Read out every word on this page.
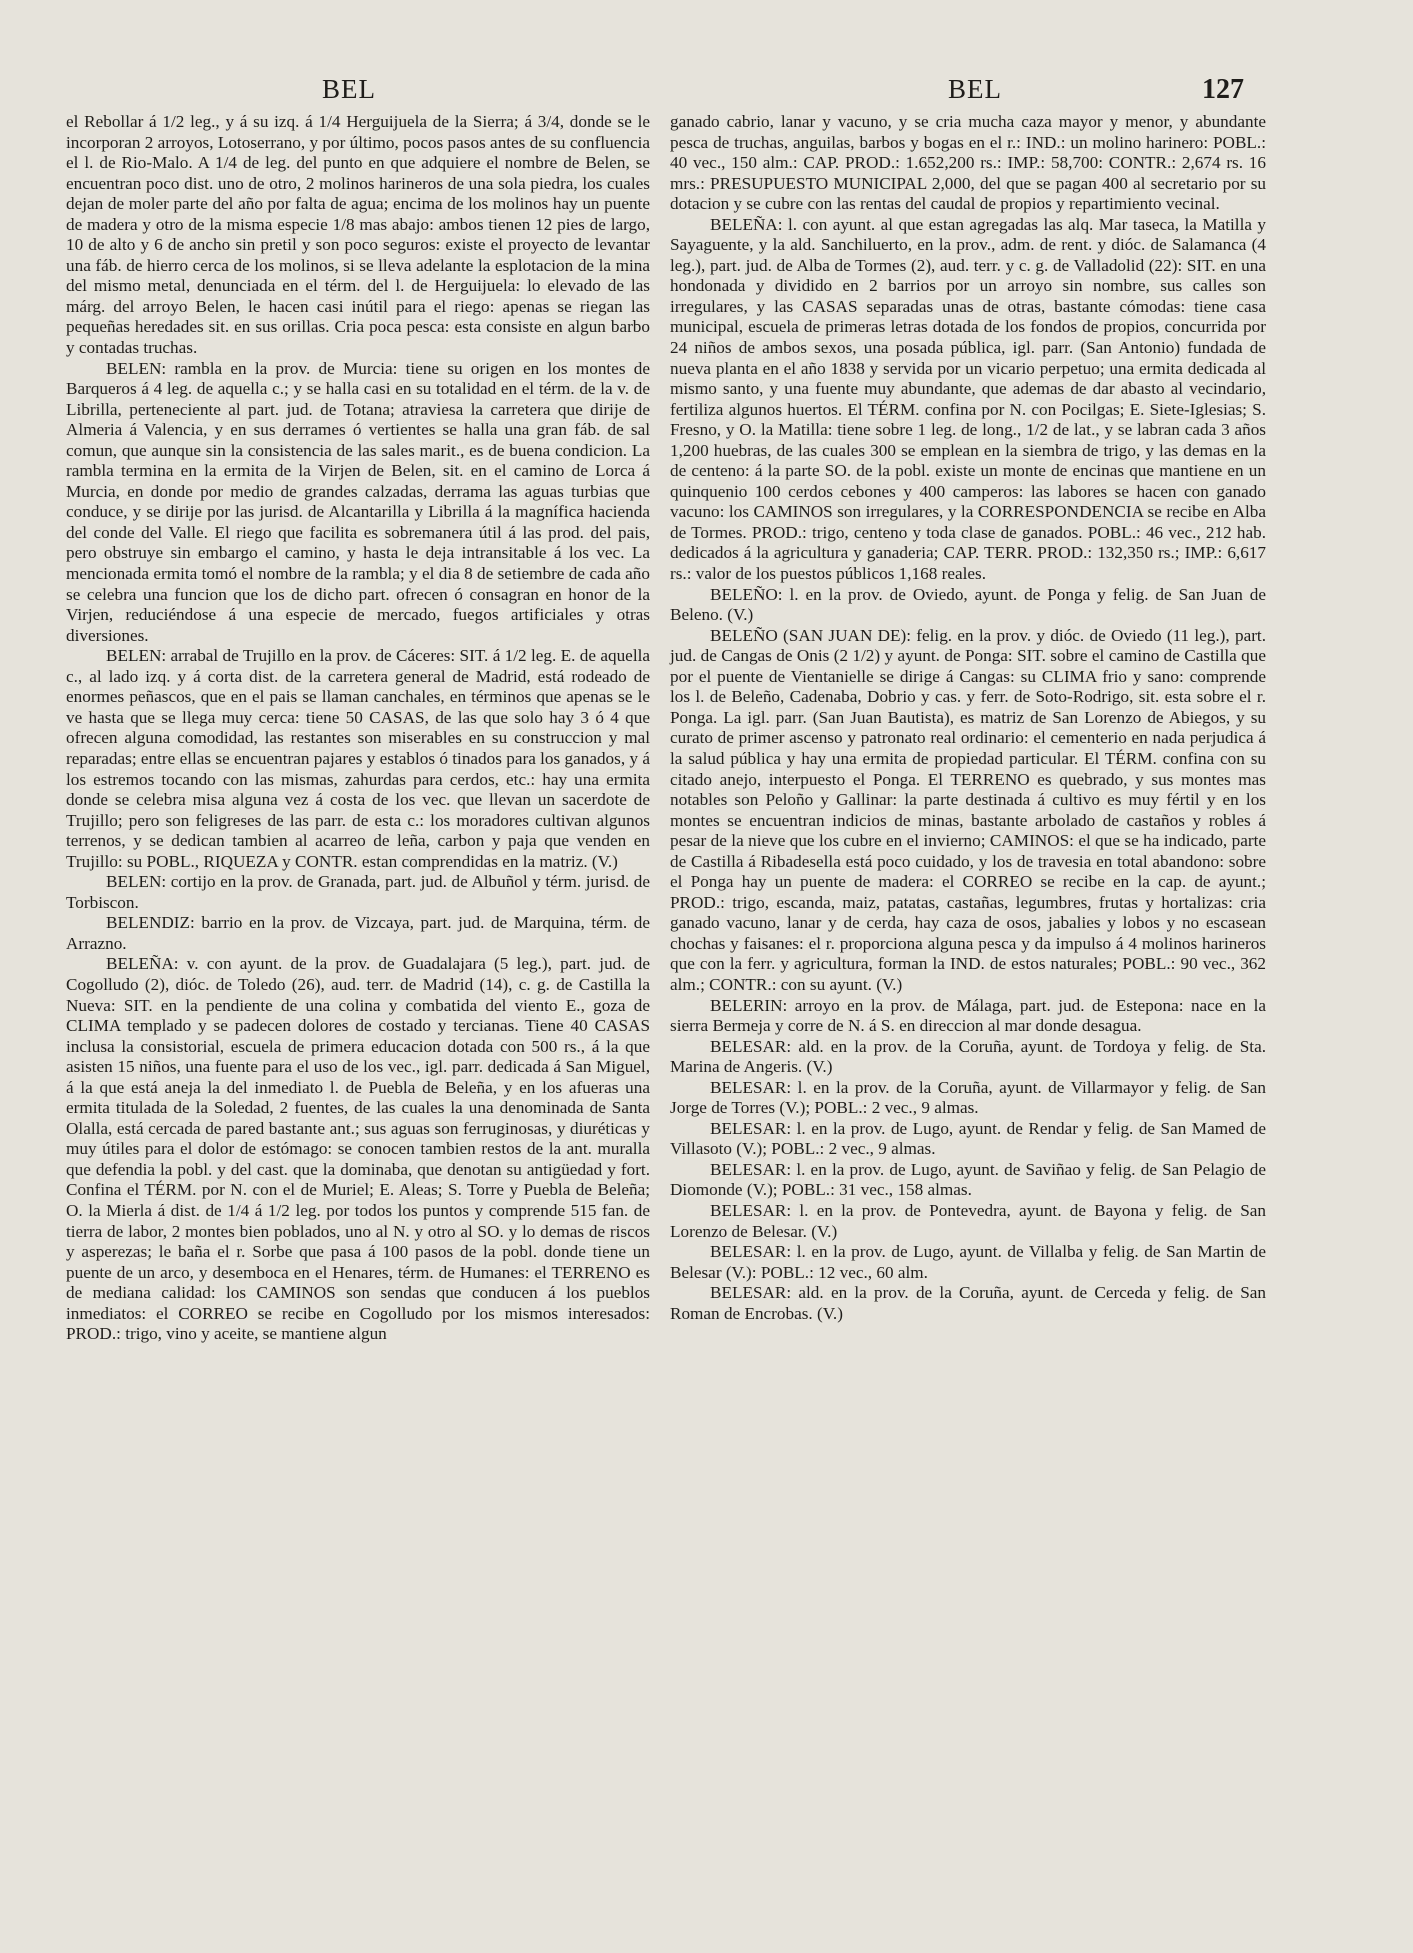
BEL	BEL	127

el Rebollar á 1/2 leg., y á su izq. á 1/4 Herguijuela de la Sierra; á 3/4, donde se le incorporan 2 arroyos, Lotoserrano, y por último, pocos pasos antes de su confluencia el l. de Rio-Malo. A 1/4 de leg. del punto en que adquiere el nombre de Belen, se encuentran poco dist. uno de otro, 2 molinos harineros de una sola piedra, los cuales dejan de moler parte del año por falta de agua; encima de los molinos hay un puente de madera y otro de la misma especie 1/8 mas abajo: ambos tienen 12 pies de largo, 10 de alto y 6 de ancho sin pretil y son poco seguros: existe el proyecto de levantar una fáb. de hierro cerca de los molinos, si se lleva adelante la esplotacion de la mina del mismo metal, denunciada en el térm. del l. de Herguijuela: lo elevado de las márg. del arroyo Belen, le hacen casi inútil para el riego: apenas se riegan las pequeñas heredades sit. en sus orillas. Cria poca pesca: esta consiste en algun barbo y contadas truchas.

BELEN: rambla en la prov. de Murcia: tiene su origen en los montes de Barqueros á 4 leg. de aquella c.; y se halla casi en su totalidad en el térm. de la v. de Librilla, perteneciente al part. jud. de Totana; atraviesa la carretera que dirije de Almeria á Valencia, y en sus derrames ó vertientes se halla una gran fáb. de sal comun, que aunque sin la consistencia de las sales marit., es de buena condicion. La rambla termina en la ermita de la Virjen de Belen, sit. en el camino de Lorca á Murcia, en donde por medio de grandes calzadas, derrama las aguas turbias que conduce, y se dirije por las jurisd. de Alcantarilla y Librilla á la magnífica hacienda del conde del Valle. El riego que facilita es sobremanera útil á las prod. del pais, pero obstruye sin embargo el camino, y hasta le deja intransitable á los vec. La mencionada ermita tomó el nombre de la rambla; y el dia 8 de setiembre de cada año se celebra una funcion que los de dicho part. ofrecen ó consagran en honor de la Virjen, reduciéndose á una especie de mercado, fuegos artificiales y otras diversiones.

BELEN: arrabal de Trujillo en la prov. de Cáceres: SIT. á 1/2 leg. E. de aquella c., al lado izq. y á corta dist. de la carretera general de Madrid, está rodeado de enormes peñascos, que en el pais se llaman canchales, en términos que apenas se le ve hasta que se llega muy cerca: tiene 50 CASAS, de las que solo hay 3 ó 4 que ofrecen alguna comodidad, las restantes son miserables en su construccion y mal reparadas; entre ellas se encuentran pajares y establos ó tinados para los ganados, y á los estremos tocando con las mismas, zahurdas para cerdos, etc.: hay una ermita donde se celebra misa alguna vez á costa de los vec. que llevan un sacerdote de Trujillo; pero son feligreses de las parr. de esta c.: los moradores cultivan algunos terrenos, y se dedican tambien al acarreo de leña, carbon y paja que venden en Trujillo: su POBL., RIQUEZA y CONTR. estan comprendidas en la matriz. (V.)

BELEN: cortijo en la prov. de Granada, part. jud. de Albuñol y térm. jurisd. de Torbiscon.

BELENDIZ: barrio en la prov. de Vizcaya, part. jud. de Marquina, térm. de Arrazno.

BELEÑA: v. con ayunt. de la prov. de Guadalajara (5 leg.), part. jud. de Cogolludo (2), dióc. de Toledo (26), aud. terr. de Madrid (14), c. g. de Castilla la Nueva: SIT. en la pendiente de una colina y combatida del viento E., goza de CLIMA templado y se padecen dolores de costado y tercianas. Tiene 40 CASAS inclusa la consistorial, escuela de primera educacion dotada con 500 rs., á la que asisten 15 niños, una fuente para el uso de los vec., igl. parr. dedicada á San Miguel, á la que está aneja la del inmediato l. de Puebla de Beleña, y en los afueras una ermita titulada de la Soledad, 2 fuentes, de las cuales la una denominada de Santa Olalla, está cercada de pared bastante ant.; sus aguas son ferruginosas, y diuréticas y muy útiles para el dolor de estómago: se conocen tambien restos de la ant. muralla que defendia la pobl. y del cast. que la dominaba, que denotan su antigüedad y fort. Confina el TÉRM. por N. con el de Muriel; E. Aleas; S. Torre y Puebla de Beleña; O. la Mierla á dist. de 1/4 á 1/2 leg. por todos los puntos y comprende 515 fan. de tierra de labor, 2 montes bien poblados, uno al N. y otro al SO. y lo demas de riscos y asperezas; le baña el r. Sorbe que pasa á 100 pasos de la pobl. donde tiene un puente de un arco, y desemboca en el Henares, térm. de Humanes: el TERRENO es de mediana calidad: los CAMINOS son sendas que conducen á los pueblos inmediatos: el CORREO se recibe en Cogolludo por los mismos interesados: PROD.: trigo, vino y aceite, se mantiene algun

ganado cabrio, lanar y vacuno, y se cria mucha caza mayor y menor, y abundante pesca de truchas, anguilas, barbos y bogas en el r.: IND.: un molino harinero: POBL.: 40 vec., 150 alm.: CAP. PROD.: 1.652,200 rs.: IMP.: 58,700: CONTR.: 2,674 rs. 16 mrs.: PRESUPUESTO MUNICIPAL 2,000, del que se pagan 400 al secretario por su dotacion y se cubre con las rentas del caudal de propios y repartimiento vecinal.

BELEÑA: l. con ayunt. al que estan agregadas las alq. Mar taseca, la Matilla y Sayaguente, y la ald. Sanchiluerto, en la prov., adm. de rent. y dióc. de Salamanca (4 leg.), part. jud. de Alba de Tormes (2), aud. terr. y c. g. de Valladolid (22): SIT. en una hondonada y dividido en 2 barrios por un arroyo sin nombre, sus calles son irregulares, y las CASAS separadas unas de otras, bastante cómodas: tiene casa municipal, escuela de primeras letras dotada de los fondos de propios, concurrida por 24 niños de ambos sexos, una posada pública, igl. parr. (San Antonio) fundada de nueva planta en el año 1838 y servida por un vicario perpetuo; una ermita dedicada al mismo santo, y una fuente muy abundante, que ademas de dar abasto al vecindario, fertiliza algunos huertos. El TÉRM. confina por N. con Pocilgas; E. Siete-Iglesias; S. Fresno, y O. la Matilla: tiene sobre 1 leg. de long., 1/2 de lat., y se labran cada 3 años 1,200 huebras, de las cuales 300 se emplean en la siembra de trigo, y las demas en la de centeno: á la parte SO. de la pobl. existe un monte de encinas que mantiene en un quinquenio 100 cerdos cebones y 400 camperos: las labores se hacen con ganado vacuno: los CAMINOS son irregulares, y la CORRESPONDENCIA se recibe en Alba de Tormes. PROD.: trigo, centeno y toda clase de ganados. POBL.: 46 vec., 212 hab. dedicados á la agricultura y ganaderia; CAP. TERR. PROD.: 132,350 rs.; IMP.: 6,617 rs.: valor de los puestos públicos 1,168 reales.

BELEÑO: l. en la prov. de Oviedo, ayunt. de Ponga y felig. de San Juan de Beleno. (V.)

BELEÑO (SAN JUAN DE): felig. en la prov. y dióc. de Oviedo (11 leg.), part. jud. de Cangas de Onis (2 1/2) y ayunt. de Ponga: SIT. sobre el camino de Castilla que por el puente de Vientanielle se dirige á Cangas: su CLIMA frio y sano: comprende los l. de Beleño, Cadenaba, Dobrio y cas. y ferr. de Soto-Rodrigo, sit. esta sobre el r. Ponga. La igl. parr. (San Juan Bautista), es matriz de San Lorenzo de Abiegos, y su curato de primer ascenso y patronato real ordinario: el cementerio en nada perjudica á la salud pública y hay una ermita de propiedad particular. El TÉRM. confina con su citado anejo, interpuesto el Ponga. El TERRENO es quebrado, y sus montes mas notables son Peloño y Gallinar: la parte destinada á cultivo es muy fértil y en los montes se encuentran indicios de minas, bastante arbolado de castaños y robles á pesar de la nieve que los cubre en el invierno; CAMINOS: el que se ha indicado, parte de Castilla á Ribadesella está poco cuidado, y los de travesia en total abandono: sobre el Ponga hay un puente de madera: el CORREO se recibe en la cap. de ayunt.; PROD.: trigo, escanda, maiz, patatas, castañas, legumbres, frutas y hortalizas: cria ganado vacuno, lanar y de cerda, hay caza de osos, jabalies y lobos y no escasean chochas y faisanes: el r. proporciona alguna pesca y da impulso á 4 molinos harineros que con la ferr. y agricultura, forman la IND. de estos naturales; POBL.: 90 vec., 362 alm.; CONTR.: con su ayunt. (V.)

BELERIN: arroyo en la prov. de Málaga, part. jud. de Estepona: nace en la sierra Bermeja y corre de N. á S. en direccion al mar donde desagua.

BELESAR: ald. en la prov. de la Coruña, ayunt. de Tordoya y felig. de Sta. Marina de Angeris. (V.)

BELESAR: l. en la prov. de la Coruña, ayunt. de Villarmayor y felig. de San Jorge de Torres (V.); POBL.: 2 vec., 9 almas.

BELESAR: l. en la prov. de Lugo, ayunt. de Rendar y felig. de San Mamed de Villasoto (V.); POBL.: 2 vec., 9 almas.

BELESAR: l. en la prov. de Lugo, ayunt. de Saviñao y felig. de San Pelagio de Diomonde (V.); POBL.: 31 vec., 158 almas.

BELESAR: l. en la prov. de Pontevedra, ayunt. de Bayona y felig. de San Lorenzo de Belesar. (V.)

BELESAR: l. en la prov. de Lugo, ayunt. de Villalba y felig. de San Martin de Belesar (V.): POBL.: 12 vec., 60 alm.

BELESAR: ald. en la prov. de la Coruña, ayunt. de Cerceda y felig. de San Roman de Encrobas. (V.)
